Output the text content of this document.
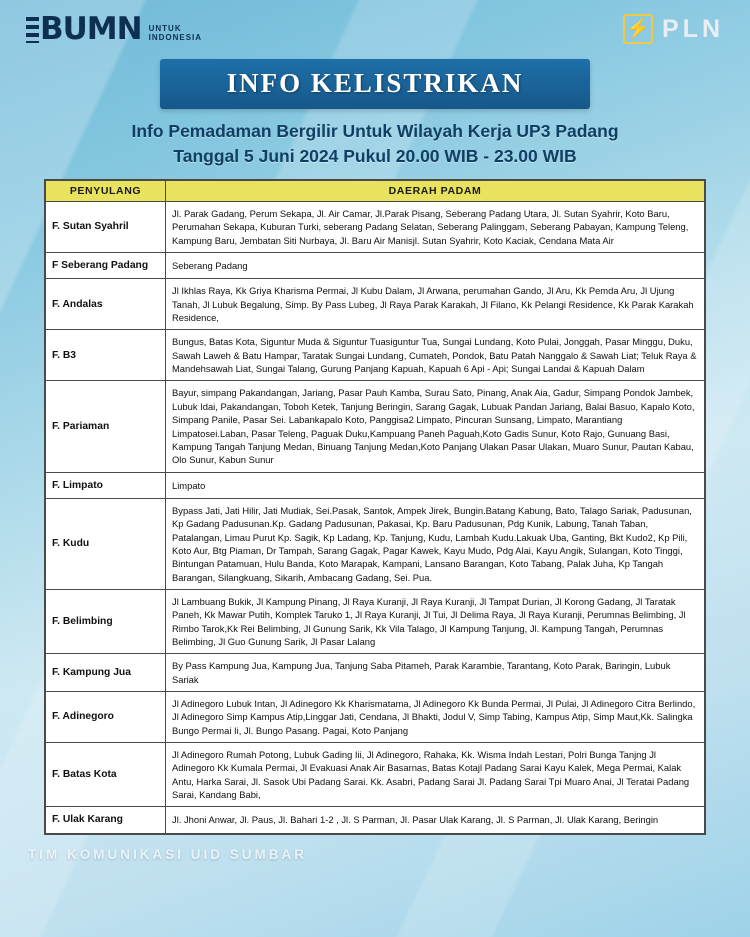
BUMN UNTUK
INDONESIA	⚡ PLN
INFO KELISTRIKAN
Info Pemadaman Bergilir Untuk Wilayah Kerja UP3 Padang
Tanggal 5 Juni 2024 Pukul 20.00 WIB - 23.00 WIB
PENYULANG	DAERAH PADAM
F. Sutan Syahril	Jl. Parak Gadang, Perum Sekapa, Jl. Air Camar, Jl.Parak Pisang, Seberang Padang Utara, Jl. Sutan Syahrir, Koto Baru, Perumahan Sekapa, Kuburan Turki, seberang Padang Selatan, Seberang Palinggam, Seberang Pabayan, Kampung Teleng, Kampung Baru, Jembatan Siti Nurbaya, Jl. Baru Air Manisjl. Sutan Syahrir, Koto Kaciak, Cendana Mata Air
F Seberang Padang	Seberang Padang
F. Andalas	Jl Ikhlas Raya, Kk Griya Kharisma Permai, Jl Kubu Dalam, Jl Arwana, perumahan Gando, Jl Aru, Kk Pemda Aru, Jl Ujung Tanah, Jl Lubuk Begalung, Simp. By Pass Lubeg, Jl Raya Parak Karakah, Jl Filano, Kk Pelangi Residence, Kk Parak Karakah Residence,
F. B3	Bungus, Batas Kota, Siguntur Muda & Siguntur Tuasiguntur Tua, Sungai Lundang, Koto Pulai, Jonggah, Pasar Minggu, Duku, Sawah Laweh & Batu Hampar, Taratak Sungai Lundang, Cumateh, Pondok, Batu Patah Nanggalo & Sawah Liat; Teluk Raya & Mandehsawah Liat, Sungai Talang, Gurung Panjang Kapuah, Kapuah 6 Api - Api; Sungai Landai & Kapuah Dalam
F. Pariaman	Bayur, simpang Pakandangan, Jariang, Pasar Pauh Kamba, Surau Sato, Pinang, Anak Aia, Gadur, Simpang Pondok Jambek, Lubuk Idai, Pakandangan, Toboh Ketek, Tanjung Beringin, Sarang Gagak, Lubuak Pandan Jariang, Balai Basuo, Kapalo Koto, Simpang Panile, Pasar Sei. Labankapalo Koto, Panggisa2 Limpato, Pincuran Sunsang, Limpato, Marantiang Limpatosei.Laban, Pasar Teleng, Paguak Duku,Kampuang Paneh Paguah,Koto Gadis Sunur, Koto Rajo, Gunuang Basi, Kampung Tangah Tanjung Medan, Binuang Tanjung Medan,Koto Panjang Ulakan Pasar Ulakan, Muaro Sunur, Pautan Kabau, Olo Sunur, Kabun Sunur
F. Limpato	Limpato
F. Kudu	Bypass Jati, Jati Hilir, Jati Mudiak, Sei.Pasak, Santok, Ampek Jirek, Bungin.Batang Kabung, Bato, Talago Sariak, Padusunan, Kp Gadang Padusunan.Kp. Gadang Padusunan, Pakasai, Kp. Baru Padusunan, Pdg Kunik, Labung, Tanah Taban, Patalangan, Limau Purut Kp. Sagik, Kp Ladang, Kp. Tanjung, Kudu, Lambah Kudu.Lakuak Uba, Ganting, Bkt Kudo2, Kp Pili, Koto Aur, Btg Piaman, Dr Tampah, Sarang Gagak, Pagar Kawek, Kayu Mudo, Pdg Alai, Kayu Angik, Sulangan, Koto Tinggi, Bintungan Patamuan, Hulu Banda, Koto Marapak, Kampani, Lansano Barangan, Koto Tabang, Palak Juha, Kp Tangah Barangan, Silangkuang, Sikarih, Ambacang Gadang, Sei. Pua.
F. Belimbing	Jl Lambuang Bukik, Jl Kampung Pinang, Jl Raya Kuranji, Jl Raya Kuranji, Jl Tampat Durian, Jl Korong Gadang, Jl Taratak Paneh, Kk Mawar Putih, Komplek Taruko 1, Jl Raya Kuranji, Jl Tui, Jl Delima Raya, Jl Raya Kuranji, Perumnas Belimbing, Jl Rimbo Tarok,Kk Rei Belimbing, Jl Gunung Sarik, Kk Vila Talago, Jl Kampung Tanjung, Jl. Kampung Tangah, Perumnas Belimbing, Jl Guo Gunung Sarik, Jl Pasar Lalang
F. Kampung Jua	By Pass Kampung Jua, Kampung Jua, Tanjung Saba Pitameh, Parak Karambie, Tarantang, Koto Parak, Baringin, Lubuk Sariak
F. Adinegoro	Jl Adinegoro Lubuk Intan, Jl Adinegoro Kk Kharismatama, Jl Adinegoro Kk Bunda Permai, Jl Pulai, Jl Adinegoro Citra Berlindo, Jl Adinegoro Simp Kampus Atip,Linggar Jati, Cendana, Jl Bhakti, Jodul V, Simp Tabing, Kampus Atip, Simp Maut,Kk. Salingka Bungo Permai Ii, Jl. Bungo Pasang. Pagai, Koto Panjang
F. Batas Kota	Jl Adinegoro Rumah Potong, Lubuk Gading Iii, Jl Adinegoro, Rahaka, Kk. Wisma Indah Lestari, Polri Bunga Tanjng Jl Adinegoro Kk Kumala Permai, Jl Evakuasi Anak Air Basarnas, Batas Kotajl Padang Sarai Kayu Kalek, Mega Permai, Kalak Antu, Harka Sarai, Jl. Sasok Ubi Padang Sarai. Kk. Asabri, Padang Sarai Jl. Padang Sarai Tpi Muaro Anai, Jl Teratai Padang Sarai, Kandang Babi,
F. Ulak Karang	Jl. Jhoni Anwar, Jl. Paus, Jl. Bahari 1-2 , Jl. S Parman, Jl. Pasar Ulak Karang, Jl. S Parman, Jl. Ulak Karang, Beringin
TIM KOMUNIKASI UID SUMBAR
